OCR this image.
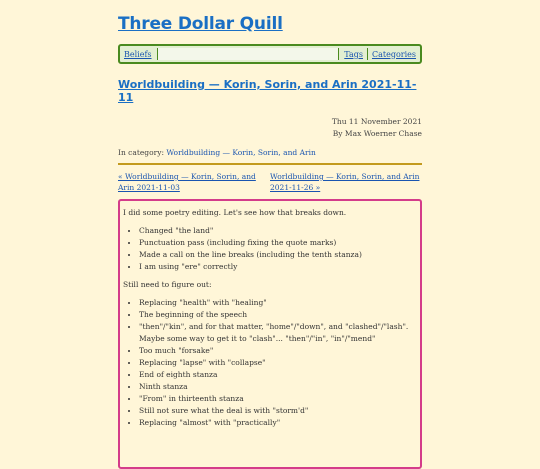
Three Dollar Quill
Beliefs	Tags Categories
Worldbuilding — Korin, Sorin, and Arin 2021-11-11
Thu 11 November 2021
By Max Woerner Chase
In category: Worldbuilding — Korin, Sorin, and Arin
« Worldbuilding — Korin, Sorin, and Arin 2021-11-03
Worldbuilding — Korin, Sorin, and Arin 2021-11-26 »

I did some poetry editing. Let's see how that breaks down.

• Changed "the land"
• Punctuation pass (including fixing the quote marks)
• Made a call on the line breaks (including the tenth stanza)
• I am using "ere" correctly

Still need to figure out:

• Replacing "health" with "healing"
• The beginning of the speech
• "then"/"kin", and for that matter, "home"/"down", and "clashed"/"lash". Maybe some way to get it to "clash"... "then"/"in", "in"/"mend"
• Too much "forsake"
• Replacing "lapse" with "collapse"
• End of eighth stanza
• Ninth stanza
• "From" in thirteenth stanza
• Still not sure what the deal is with "storm'd"
• Replacing "almost" with "practically"
